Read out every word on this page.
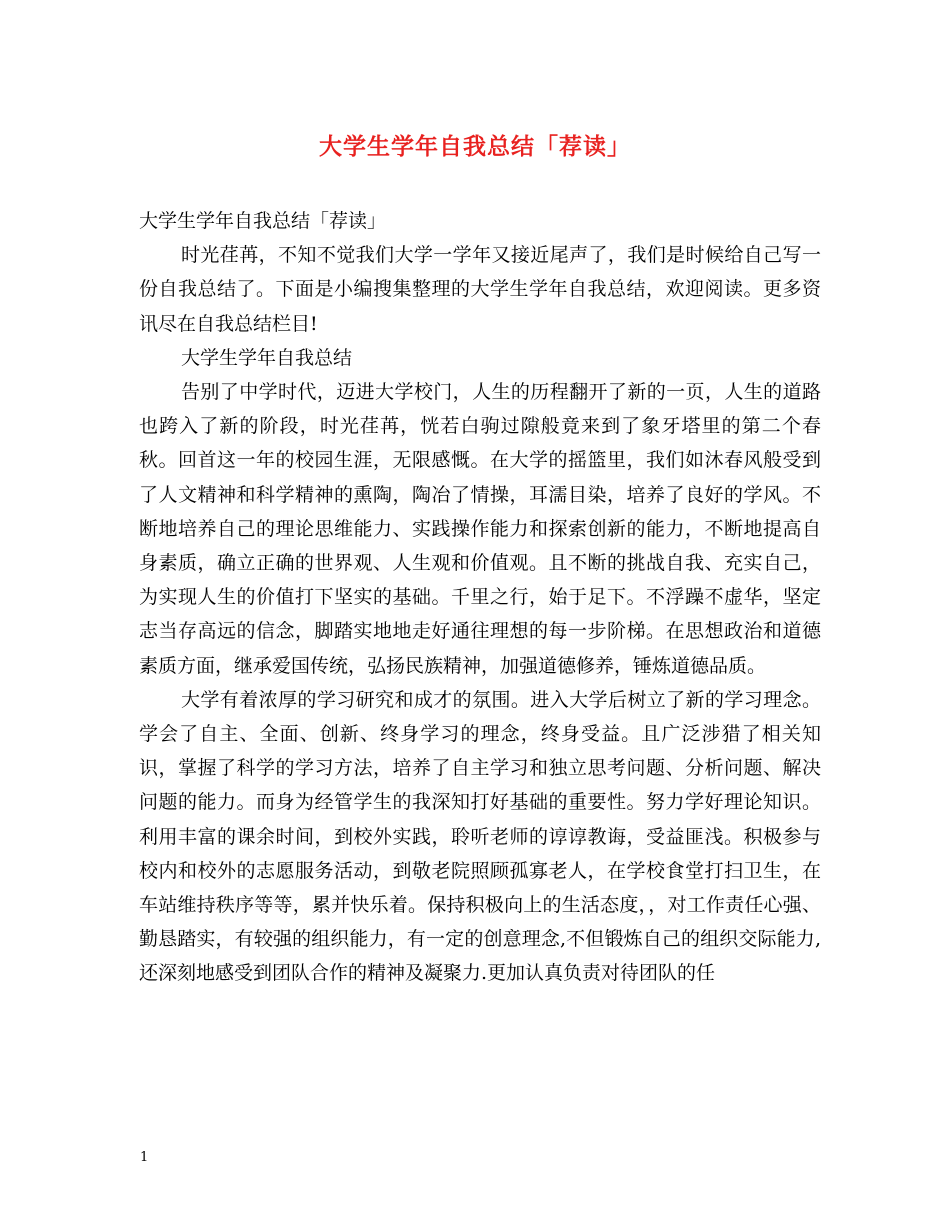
大学生学年自我总结「荐读」

大学生学年自我总结「荐读」

时光荏苒，不知不觉我们大学一学年又接近尾声了，我们是时候给自己写一份自我总结了。下面是小编搜集整理的大学生学年自我总结，欢迎阅读。更多资讯尽在自我总结栏目!

大学生学年自我总结

告别了中学时代，迈进大学校门，人生的历程翻开了新的一页，人生的道路也跨入了新的阶段，时光荏苒，恍若白驹过隙般竟来到了象牙塔里的第二个春秋。回首这一年的校园生涯，无限感慨。在大学的摇篮里，我们如沐春风般受到了人文精神和科学精神的熏陶，陶冶了情操，耳濡目染，培养了良好的学风。不断地培养自己的理论思维能力、实践操作能力和探索创新的能力，不断地提高自身素质，确立正确的世界观、人生观和价值观。且不断的挑战自我、充实自己，为实现人生的价值打下坚实的基础。千里之行，始于足下。不浮躁不虚华，坚定志当存高远的信念，脚踏实地地走好通往理想的每一步阶梯。在思想政治和道德素质方面，继承爱国传统，弘扬民族精神，加强道德修养，锤炼道德品质。

大学有着浓厚的学习研究和成才的氛围。进入大学后树立了新的学习理念。学会了自主、全面、创新、终身学习的理念，终身受益。且广泛涉猎了相关知识，掌握了科学的学习方法，培养了自主学习和独立思考问题、分析问题、解决问题的能力。而身为经管学生的我深知打好基础的重要性。努力学好理论知识。利用丰富的课余时间，到校外实践，聆听老师的谆谆教诲，受益匪浅。积极参与校内和校外的志愿服务活动，到敬老院照顾孤寡老人，在学校食堂打扫卫生，在车站维持秩序等等，累并快乐着。保持积极向上的生活态度，，对工作责任心强、勤恳踏实，有较强的组织能力，有一定的创意理念,不但锻炼自己的组织交际能力,还深刻地感受到团队合作的精神及凝聚力.更加认真负责对待团队的任

1
